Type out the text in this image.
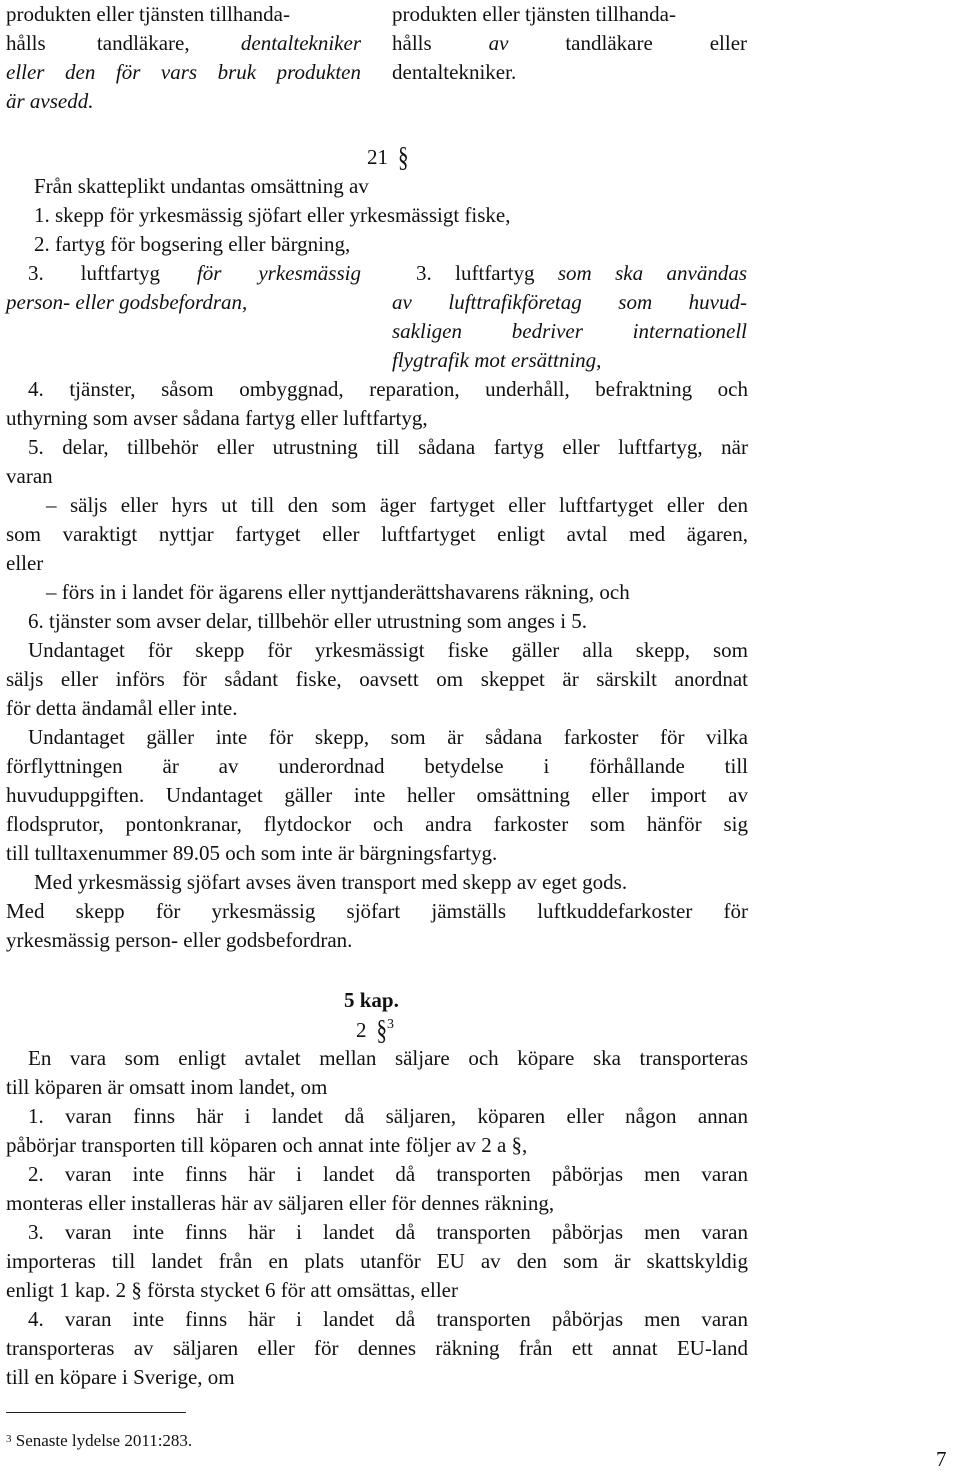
produkten eller tjänsten tillhanda-
hålls tandläkare, dentaltekniker
eller den för vars bruk produkten
är avsedd.
produkten eller tjänsten tillhanda-
hålls av tandläkare eller
dentaltekniker.
21 §
Från skatteplikt undantas omsättning av
1. skepp för yrkesmässig sjöfart eller yrkesmässigt fiske,
2. fartyg för bogsering eller bärgning,
3. luftfartyg för yrkesmässig
person- eller godsbefordran,
3. luftfartyg som ska användas
av lufttrafikföretag som huvud-
sakligen bedriver internationell
flygtrafik mot ersättning,
4. tjänster, såsom ombyggnad, reparation, underhåll, befraktning och
uthyrning som avser sådana fartyg eller luftfartyg,
5. delar, tillbehör eller utrustning till sådana fartyg eller luftfartyg, när
varan
– säljs eller hyrs ut till den som äger fartyget eller luftfartyget eller den
som varaktigt nyttjar fartyget eller luftfartyget enligt avtal med ägaren,
eller
– förs in i landet för ägarens eller nyttjanderättshavarens räkning, och
6. tjänster som avser delar, tillbehör eller utrustning som anges i 5.
Undantaget för skepp för yrkesmässigt fiske gäller alla skepp, som
säljs eller införs för sådant fiske, oavsett om skeppet är särskilt anordnat
för detta ändamål eller inte.
Undantaget gäller inte för skepp, som är sådana farkoster för vilka
förflyttningen är av underordnad betydelse i förhållande till
huvuduppgiften. Undantaget gäller inte heller omsättning eller import av
flodsprutor, pontonkranar, flytdockor och andra farkoster som hänför sig
till tulltaxenummer 89.05 och som inte är bärgningsfartyg.
Med yrkesmässig sjöfart avses även transport med skepp av eget gods.
Med skepp för yrkesmässig sjöfart jämställs luftkuddefarkoster för
yrkesmässig person- eller godsbefordran.
5 kap.
2 §$^3$
En vara som enligt avtalet mellan säljare och köpare ska transporteras
till köparen är omsatt inom landet, om
1. varan finns här i landet då säljaren, köparen eller någon annan
påbörjar transporten till köparen och annat inte följer av 2 a §,
2. varan inte finns här i landet då transporten påbörjas men varan
monteras eller installeras här av säljaren eller för dennes räkning,
3. varan inte finns här i landet då transporten påbörjas men varan
importeras till landet från en plats utanför EU av den som är skattskyldig
enligt 1 kap. 2 § första stycket 6 för att omsättas, eller
4. varan inte finns här i landet då transporten påbörjas men varan
transporteras av säljaren eller för dennes räkning från ett annat EU-land
till en köpare i Sverige, om
$^3$ Senaste lydelse 2011:283.
7
